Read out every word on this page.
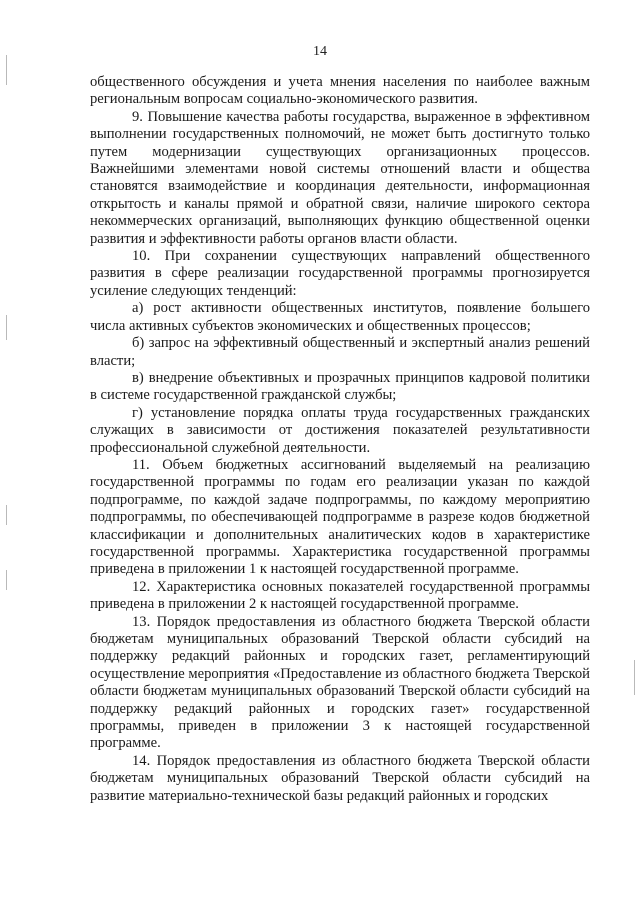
14

общественного обсуждения и учета мнения населения по наиболее важным региональным вопросам социально-экономического развития.

9. Повышение качества работы государства, выраженное в эффективном выполнении государственных полномочий, не может быть достигнуто только путем модернизации существующих организационных процессов. Важнейшими элементами новой системы отношений власти и общества становятся взаимодействие и координация деятельности, информационная открытость и каналы прямой и обратной связи, наличие широкого сектора некоммерческих организаций, выполняющих функцию общественной оценки развития и эффективности работы органов власти области.

10. При сохранении существующих направлений общественного развития в сфере реализации государственной программы прогнозируется усиление следующих тенденций:

а) рост активности общественных институтов, появление большего числа активных субъектов экономических и общественных процессов;

б) запрос на эффективный общественный и экспертный анализ решений власти;

в) внедрение объективных и прозрачных принципов кадровой политики в системе государственной гражданской службы;

г) установление порядка оплаты труда государственных гражданских служащих в зависимости от достижения показателей результативности профессиональной служебной деятельности.

11. Объем бюджетных ассигнований выделяемый на реализацию государственной программы по годам его реализации указан по каждой подпрограмме, по каждой задаче подпрограммы, по каждому мероприятию подпрограммы, по обеспечивающей подпрограмме в разрезе кодов бюджетной классификации и дополнительных аналитических кодов в характеристике государственной программы. Характеристика государственной программы приведена в приложении 1 к настоящей государственной программе.

12. Характеристика основных показателей государственной программы приведена в приложении 2 к настоящей государственной программе.

13. Порядок предоставления из областного бюджета Тверской области бюджетам муниципальных образований Тверской области субсидий на поддержку редакций районных и городских газет, регламентирующий осуществление мероприятия «Предоставление из областного бюджета Тверской области бюджетам муниципальных образований Тверской области субсидий на поддержку редакций районных и городских газет» государственной программы, приведен в приложении 3 к настоящей государственной программе.

14. Порядок предоставления из областного бюджета Тверской области бюджетам муниципальных образований Тверской области субсидий на развитие материально-технической базы редакций районных и городских
